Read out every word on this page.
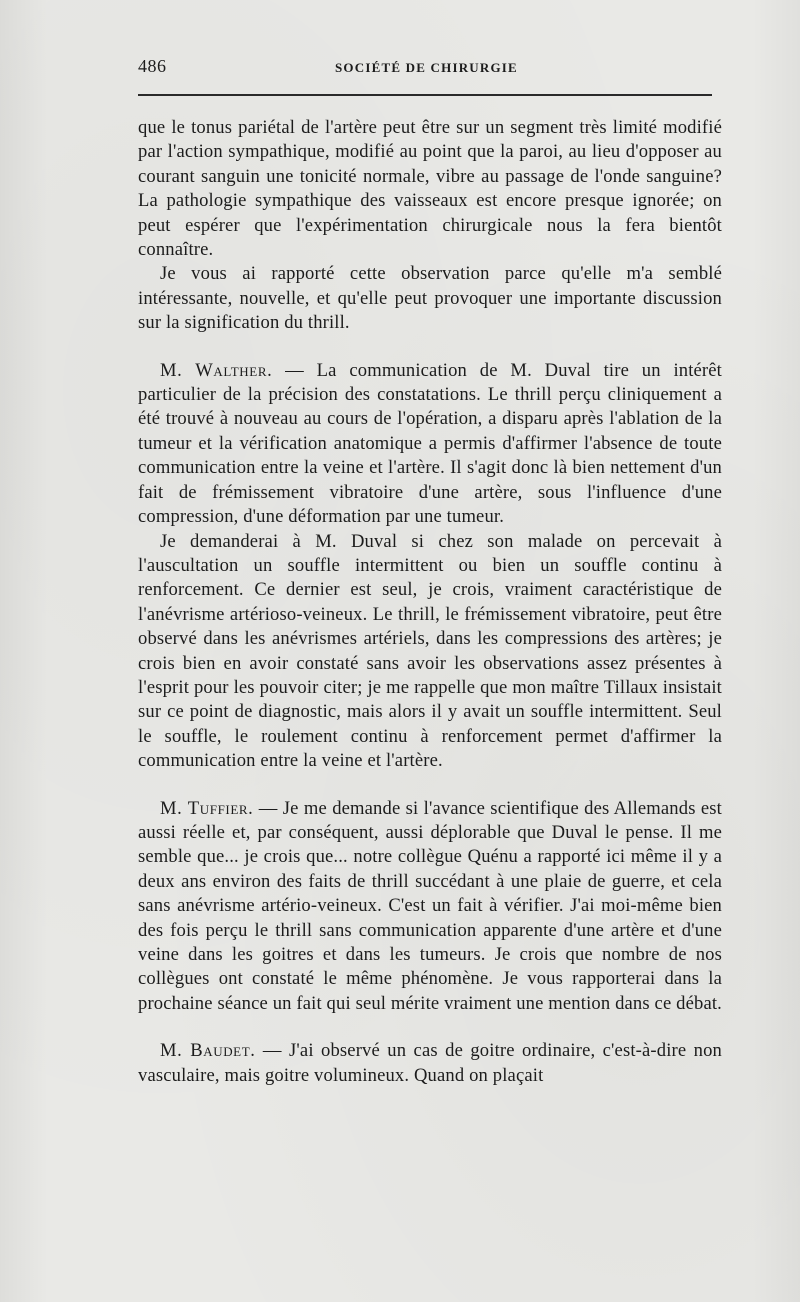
486	SOCIÉTÉ DE CHIRURGIE

que le tonus pariétal de l'artère peut être sur un segment très limité modifié par l'action sympathique, modifié au point que la paroi, au lieu d'opposer au courant sanguin une tonicité normale, vibre au passage de l'onde sanguine? La pathologie sympathique des vaisseaux est encore presque ignorée; on peut espérer que l'expérimentation chirurgicale nous la fera bientôt connaître.

Je vous ai rapporté cette observation parce qu'elle m'a semblé intéressante, nouvelle, et qu'elle peut provoquer une importante discussion sur la signification du thrill.

M. Walther. — La communication de M. Duval tire un intérêt particulier de la précision des constatations. Le thrill perçu cliniquement a été trouvé à nouveau au cours de l'opération, a disparu après l'ablation de la tumeur et la vérification anatomique a permis d'affirmer l'absence de toute communication entre la veine et l'artère. Il s'agit donc là bien nettement d'un fait de frémissement vibratoire d'une artère, sous l'influence d'une compression, d'une déformation par une tumeur.

Je demanderai à M. Duval si chez son malade on percevait à l'auscultation un souffle intermittent ou bien un souffle continu à renforcement. Ce dernier est seul, je crois, vraiment caractéristique de l'anévrisme artérioso-veineux. Le thrill, le frémissement vibratoire, peut être observé dans les anévrismes artériels, dans les compressions des artères; je crois bien en avoir constaté sans avoir les observations assez présentes à l'esprit pour les pouvoir citer; je me rappelle que mon maître Tillaux insistait sur ce point de diagnostic, mais alors il y avait un souffle intermittent. Seul le souffle, le roulement continu à renforcement permet d'affirmer la communication entre la veine et l'artère.

M. Tuffier. — Je me demande si l'avance scientifique des Allemands est aussi réelle et, par conséquent, aussi déplorable que Duval le pense. Il me semble que... je crois que... notre collègue Quénu a rapporté ici même il y a deux ans environ des faits de thrill succédant à une plaie de guerre, et cela sans anévrisme artério-veineux. C'est un fait à vérifier. J'ai moi-même bien des fois perçu le thrill sans communication apparente d'une artère et d'une veine dans les goitres et dans les tumeurs. Je crois que nombre de nos collègues ont constaté le même phénomène. Je vous rapporterai dans la prochaine séance un fait qui seul mérite vraiment une mention dans ce débat.

M. Baudet. — J'ai observé un cas de goitre ordinaire, c'est-à-dire non vasculaire, mais goitre volumineux. Quand on plaçait
